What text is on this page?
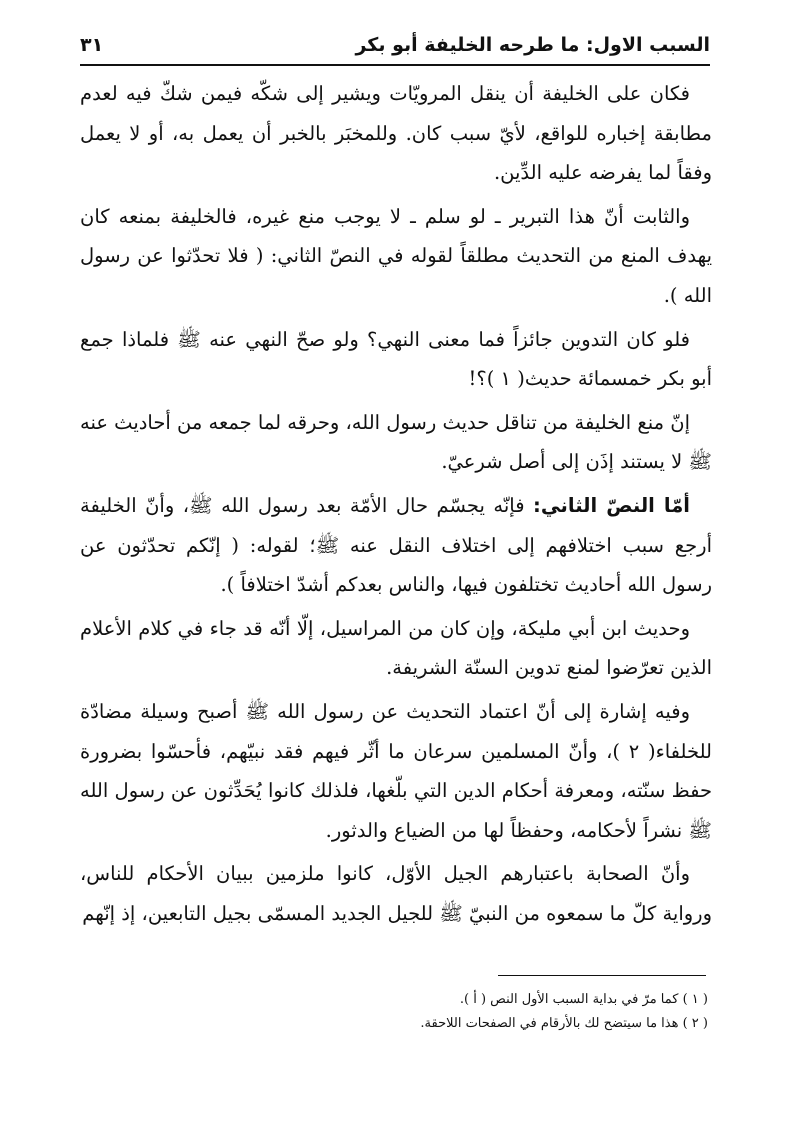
السبب الاول: ما طرحه الخليفة أبو بكر
٣١

فكان على الخليفة أن ينقل المرويّات ويشير إلى شكّه فيمن شكّ فيه لعدم مطابقة إخباره للواقع، لأيّ سبب كان. وللمخبَر بالخبر أن يعمل به، أو لا يعمل وفقاً لما يفرضه عليه الدِّين.

والثابت أنّ هذا التبرير ـ لو سلم ـ لا يوجب منع غيره، فالخليفة بمنعه كان يهدف المنع من التحديث مطلقاً لقوله في النصّ الثاني: ( فلا تحدّثوا عن رسول الله ).

فلو كان التدوين جائزاً فما معنى النهي؟ ولو صحّ النهي عنه ﷺ فلماذا جمع أبو بكر خمسمائة حديث( ١ )؟!

إنّ منع الخليفة من تناقل حديث رسول الله، وحرقه لما جمعه من أحاديث عنه ﷺ لا يستند إذَن إلى أصل شرعيّ.

أمّا النصّ الثاني: فإنّه يجسّم حال الأمّة بعد رسول الله ﷺ، وأنّ الخليفة أرجع سبب اختلافهم إلى اختلاف النقل عنه ﷺ؛ لقوله: ( إنّكم تحدّثون عن رسول الله أحاديث تختلفون فيها، والناس بعدكم أشدّ اختلافاً ).

وحديث ابن أبي مليكة، وإن كان من المراسيل، إلّا أنّه قد جاء في كلام الأعلام الذين تعرّضوا لمنع تدوين السنّة الشريفة.

وفيه إشارة إلى أنّ اعتماد التحديث عن رسول الله ﷺ أصبح وسيلة مضادّة للخلفاء( ٢ )، وأنّ المسلمين سرعان ما أثّر فيهم فقد نبيّهم، فأحسّوا بضرورة حفظ سنّته، ومعرفة أحكام الدين التي بلّغها، فلذلك كانوا يُحَدِّثون عن رسول الله ﷺ نشراً لأحكامه، وحفظاً لها من الضياع والدثور.

وأنّ الصحابة باعتبارهم الجيل الأوّل، كانوا ملزمين ببيان الأحكام للناس، ورواية كلّ ما سمعوه من النبيّ ﷺ للجيل الجديد المسمّى بجيل التابعين، إذ إنّهم

( ١ ) كما مرّ في بداية السبب الأول النص ( أ ).

( ٢ ) هذا ما سيتضح لك بالأرقام في الصفحات اللاحقة.
